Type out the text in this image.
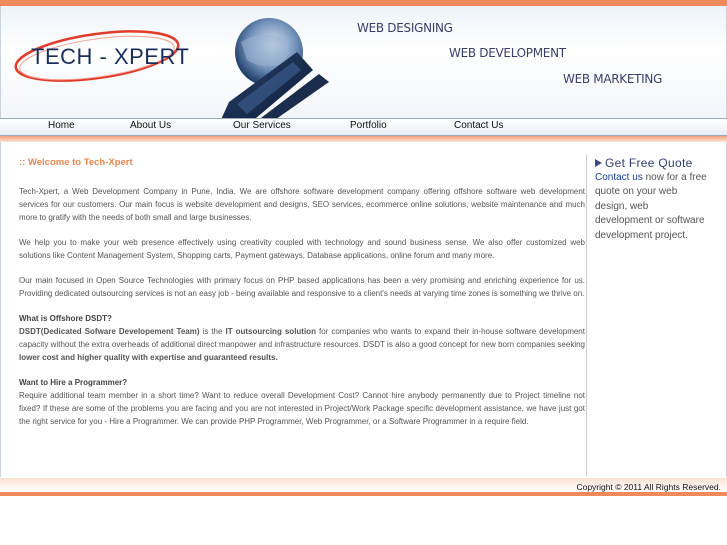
TECH - XPERT
WEB DESIGNING
WEB DEVELOPMENT
WEB MARKETING
Home	About Us	Our Services	Portfolio	Contact Us
:: Welcome to Tech-Xpert

Tech-Xpert, a Web Development Company in Pune, India. We are offshore software development company offering offshore software web development services for our customers. Our main focus is website development and designs, SEO services, ecommerce online solutions, website maintenance and much more to gratify with the needs of both small and large businesses.

We help you to make your web presence effectively using creativity coupled with technology and sound business sense. We also offer customized web solutions like Content Management System, Shopping carts, Payment gateways, Database applications, online forum and many more.

Our main focused in Open Source Technologies with primary focus on PHP based applications has been a very promising and enriching experience for us. Providing dedicated outsourcing services is not an easy job - being available and responsive to a client's needs at varying time zones is something we thrive on.

What is Offshore DSDT?
DSDT(Dedicated Sofware Developement Team) is the IT outsourcing solution for companies who wants to expand their in-house software development capacity without the extra overheads of additional direct manpower and infrastructure resources. DSDT is also a good concept for new born companies seeking lower cost and higher quality with expertise and guaranteed results.

Want to Hire a Programmer?
Require additional team member in a short time? Want to reduce overall Development Cost? Cannot hire anybody permanently due to Project timeline not fixed? If these are some of the problems you are facing and you are not interested in Project/Work Package specific development assistance, we have just got the right service for you - Hire a Programmer. We can provide PHP Programmer, Web Programmer, or a Software Programmer in a require field.

Get Free Quote
Contact us now for a free quote on your web design, web development or software development project.
Copyright © 2011 All Rights Reserved.
